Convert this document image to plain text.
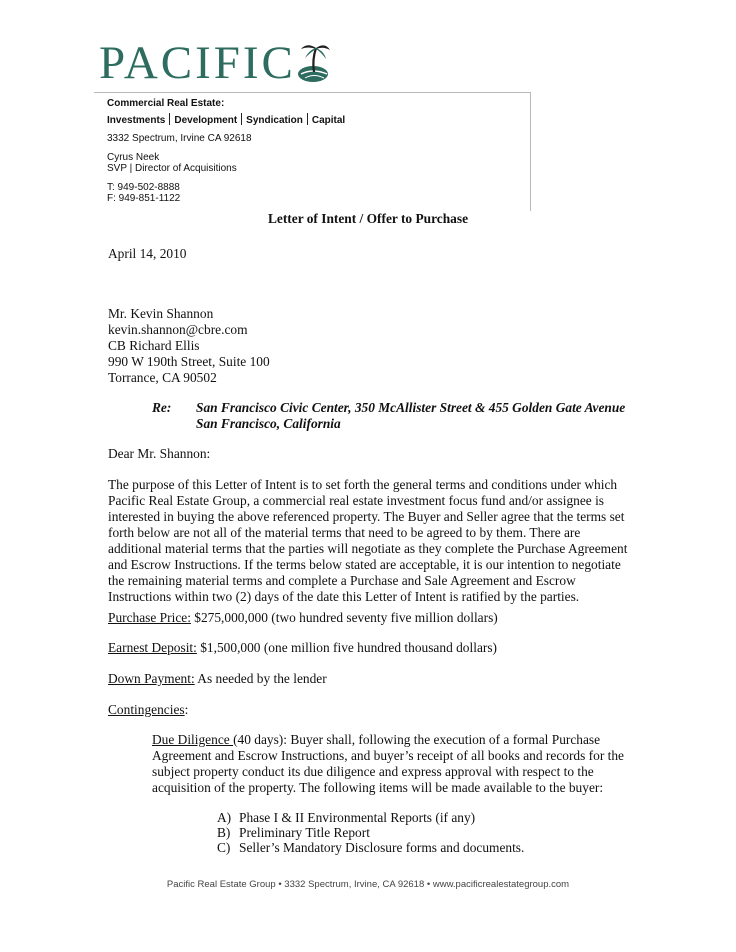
PACIFIC
Commercial Real Estate:
Investments Development Syndication Capital
3332 Spectrum, Irvine CA 92618
Cyrus Neek
SVP | Director of Acquisitions
T: 949-502-8888
F: 949-851-1122
Letter of Intent / Offer to Purchase
April 14, 2010
Mr. Kevin Shannon
kevin.shannon@cbre.com
CB Richard Ellis
990 W 190th Street, Suite 100
Torrance, CA 90502
Re: San Francisco Civic Center, 350 McAllister Street & 455 Golden Gate Avenue
San Francisco, California
Dear Mr. Shannon:
The purpose of this Letter of Intent is to set forth the general terms and conditions under which
Pacific Real Estate Group, a commercial real estate investment focus fund and/or assignee is
interested in buying the above referenced property. The Buyer and Seller agree that the terms set
forth below are not all of the material terms that need to be agreed to by them. There are
additional material terms that the parties will negotiate as they complete the Purchase Agreement
and Escrow Instructions. If the terms below stated are acceptable, it is our intention to negotiate
the remaining material terms and complete a Purchase and Sale Agreement and Escrow
Instructions within two (2) days of the date this Letter of Intent is ratified by the parties.
Purchase Price: $275,000,000 (two hundred seventy five million dollars)
Earnest Deposit: $1,500,000 (one million five hundred thousand dollars)
Down Payment: As needed by the lender
Contingencies:
Due Diligence (40 days): Buyer shall, following the execution of a formal Purchase
Agreement and Escrow Instructions, and buyer’s receipt of all books and records for the
subject property conduct its due diligence and express approval with respect to the
acquisition of the property. The following items will be made available to the buyer:
A) Phase I & II Environmental Reports (if any)
B) Preliminary Title Report
C) Seller’s Mandatory Disclosure forms and documents.
Pacific Real Estate Group • 3332 Spectrum, Irvine, CA 92618 • www.pacificrealestategroup.com
